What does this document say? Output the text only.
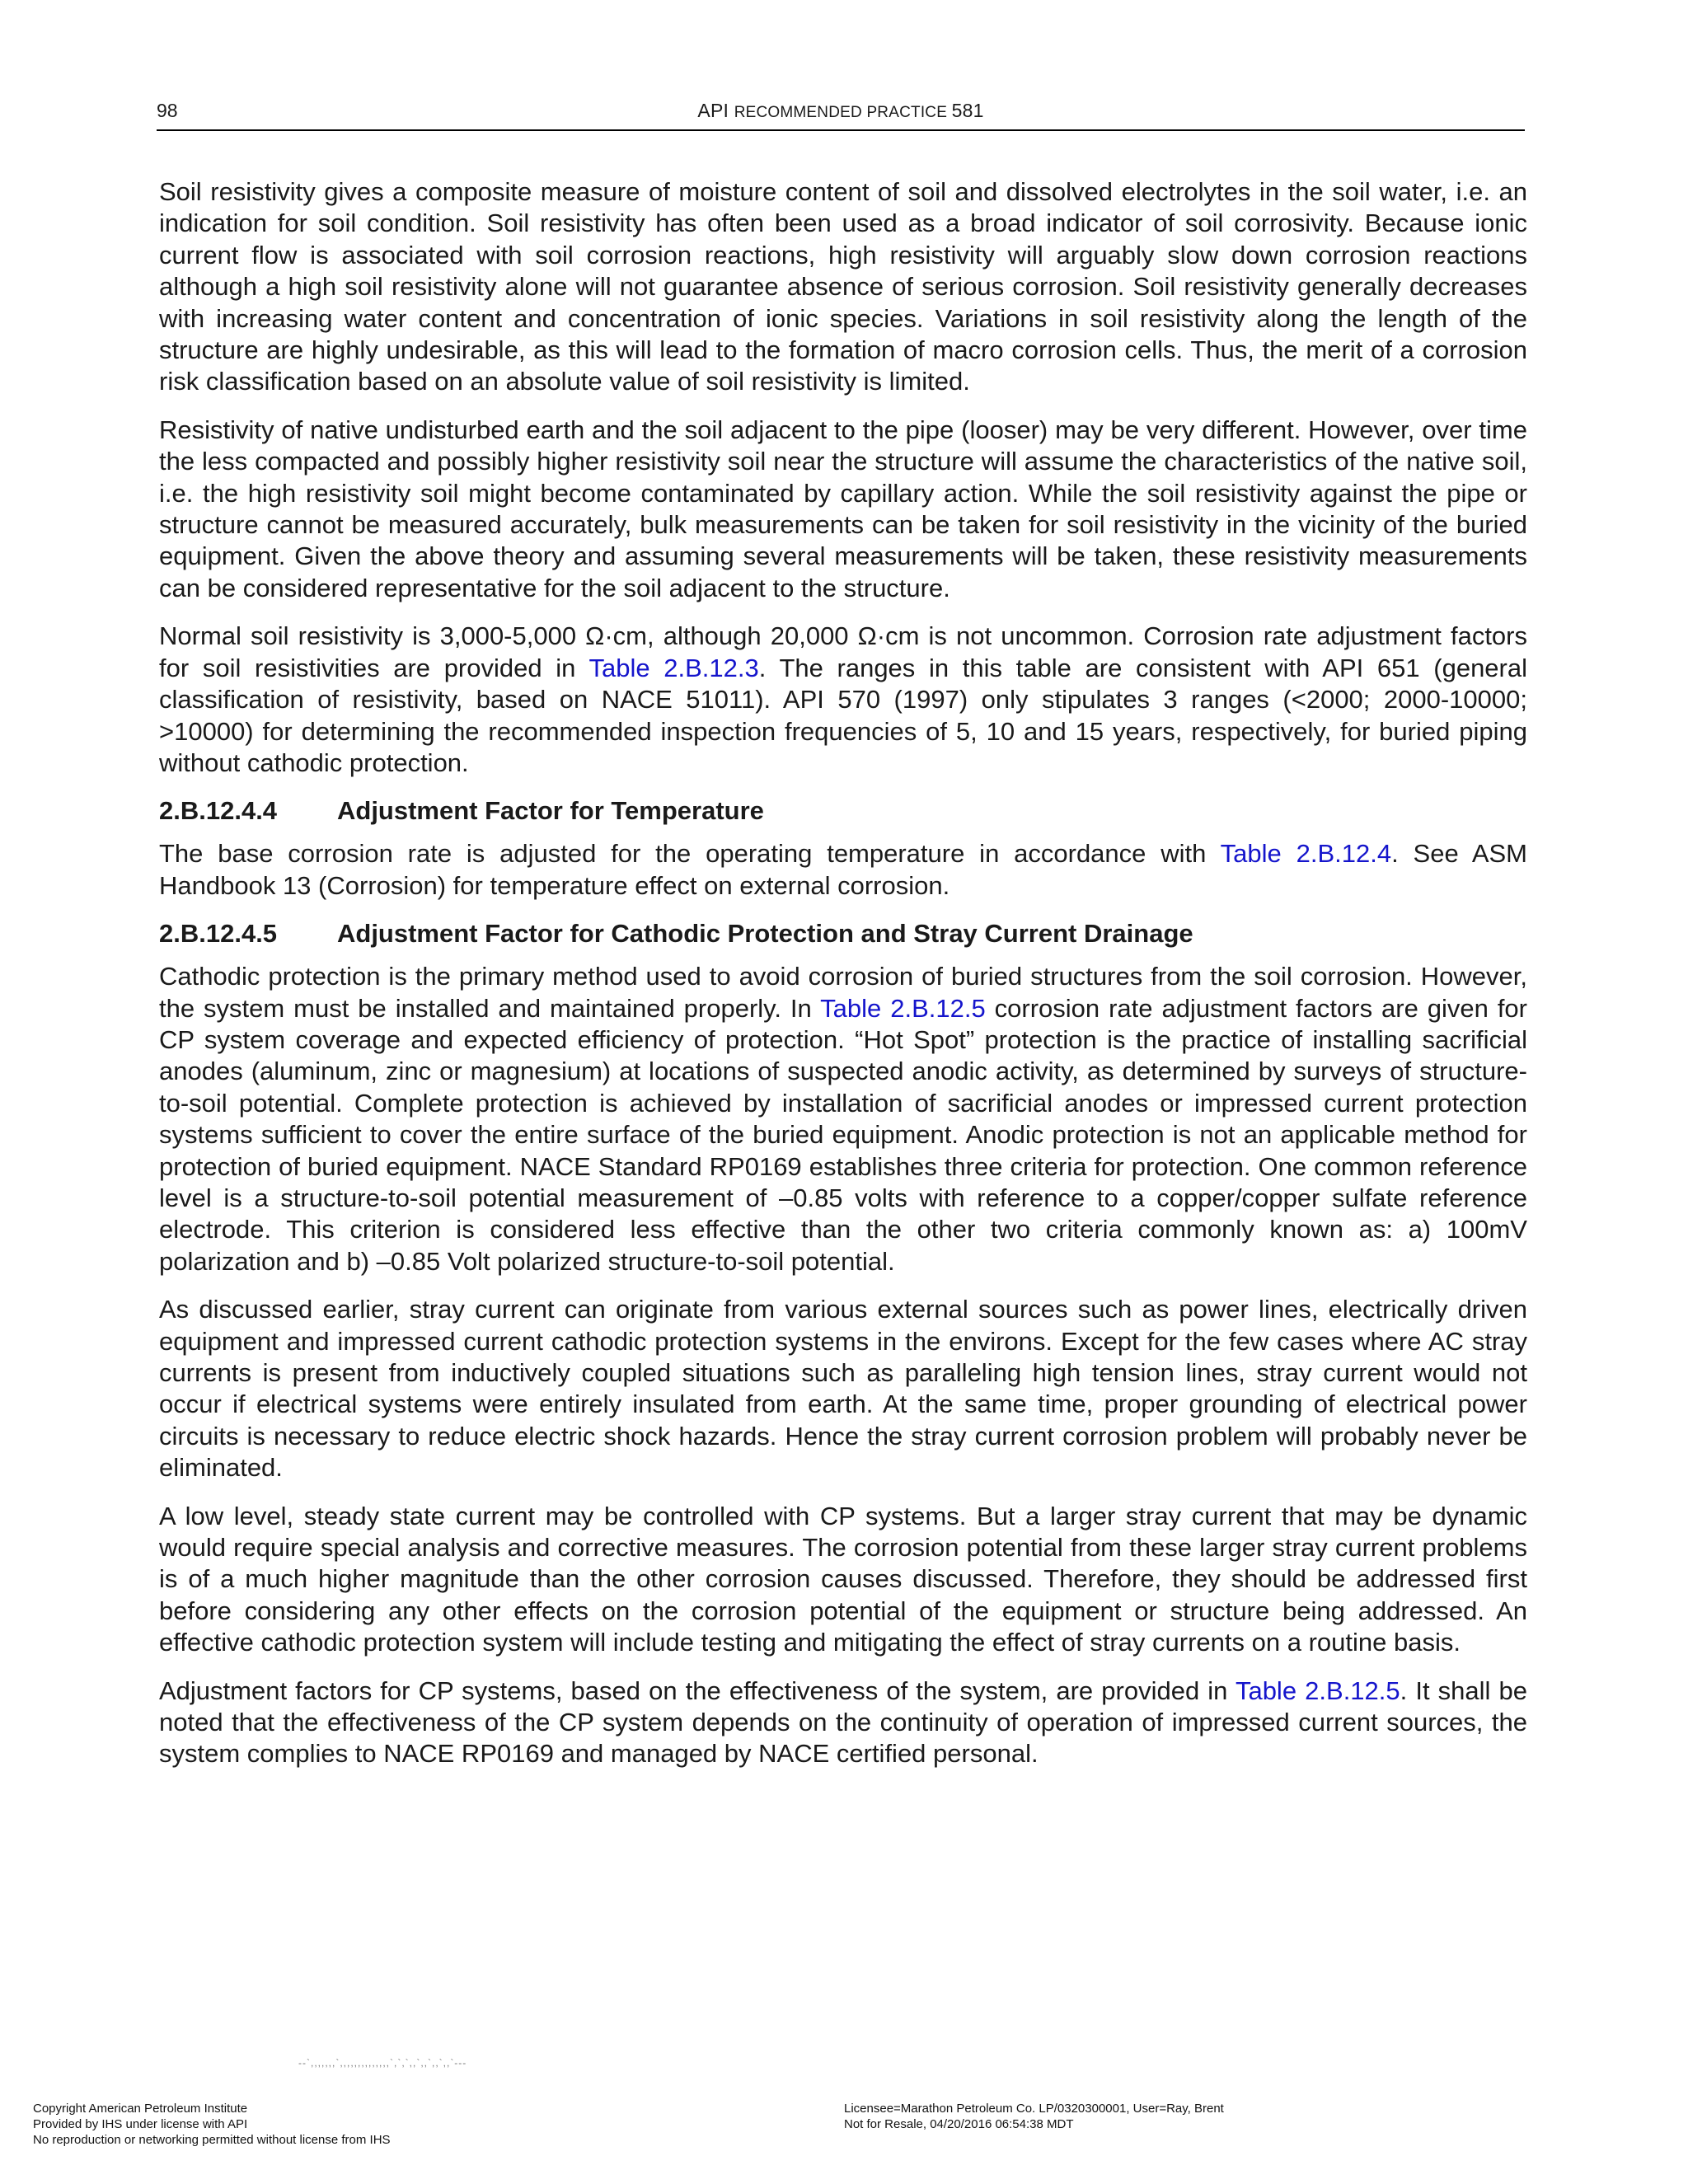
98	API RECOMMENDED PRACTICE 581

Soil resistivity gives a composite measure of moisture content of soil and dissolved electrolytes in the soil water, i.e. an indication for soil condition. Soil resistivity has often been used as a broad indicator of soil corrosivity. Because ionic current flow is associated with soil corrosion reactions, high resistivity will arguably slow down corrosion reactions although a high soil resistivity alone will not guarantee absence of serious corrosion. Soil resistivity generally decreases with increasing water content and concentration of ionic species. Variations in soil resistivity along the length of the structure are highly undesirable, as this will lead to the formation of macro corrosion cells. Thus, the merit of a corrosion risk classification based on an absolute value of soil resistivity is limited.

Resistivity of native undisturbed earth and the soil adjacent to the pipe (looser) may be very different. However, over time the less compacted and possibly higher resistivity soil near the structure will assume the characteristics of the native soil, i.e. the high resistivity soil might become contaminated by capillary action. While the soil resistivity against the pipe or structure cannot be measured accurately, bulk measurements can be taken for soil resistivity in the vicinity of the buried equipment. Given the above theory and assuming several measurements will be taken, these resistivity measurements can be considered representative for the soil adjacent to the structure.

Normal soil resistivity is 3,000-5,000 Ω·cm, although 20,000 Ω·cm is not uncommon. Corrosion rate adjustment factors for soil resistivities are provided in Table 2.B.12.3. The ranges in this table are consistent with API 651 (general classification of resistivity, based on NACE 51011). API 570 (1997) only stipulates 3 ranges (<2000; 2000-10000; >10000) for determining the recommended inspection frequencies of 5, 10 and 15 years, respectively, for buried piping without cathodic protection.

2.B.12.4.4 Adjustment Factor for Temperature

The base corrosion rate is adjusted for the operating temperature in accordance with Table 2.B.12.4. See ASM Handbook 13 (Corrosion) for temperature effect on external corrosion.

2.B.12.4.5 Adjustment Factor for Cathodic Protection and Stray Current Drainage

Cathodic protection is the primary method used to avoid corrosion of buried structures from the soil corrosion. However, the system must be installed and maintained properly. In Table 2.B.12.5 corrosion rate adjustment factors are given for CP system coverage and expected efficiency of protection. “Hot Spot” protection is the practice of installing sacrificial anodes (aluminum, zinc or magnesium) at locations of suspected anodic activity, as determined by surveys of structure-to-soil potential. Complete protection is achieved by installation of sacrificial anodes or impressed current protection systems sufficient to cover the entire surface of the buried equipment. Anodic protection is not an applicable method for protection of buried equipment. NACE Standard RP0169 establishes three criteria for protection. One common reference level is a structure-to-soil potential measurement of –0.85 volts with reference to a copper/copper sulfate reference electrode. This criterion is considered less effective than the other two criteria commonly known as: a) 100mV polarization and b) –0.85 Volt polarized structure-to-soil potential.

As discussed earlier, stray current can originate from various external sources such as power lines, electrically driven equipment and impressed current cathodic protection systems in the environs. Except for the few cases where AC stray currents is present from inductively coupled situations such as paralleling high tension lines, stray current would not occur if electrical systems were entirely insulated from earth. At the same time, proper grounding of electrical power circuits is necessary to reduce electric shock hazards. Hence the stray current corrosion problem will probably never be eliminated.

A low level, steady state current may be controlled with CP systems. But a larger stray current that may be dynamic would require special analysis and corrective measures. The corrosion potential from these larger stray current problems is of a much higher magnitude than the other corrosion causes discussed. Therefore, they should be addressed first before considering any other effects on the corrosion potential of the equipment or structure being addressed. An effective cathodic protection system will include testing and mitigating the effect of stray currents on a routine basis.

Adjustment factors for CP systems, based on the effectiveness of the system, are provided in Table 2.B.12.5. It shall be noted that the effectiveness of the CP system depends on the continuity of operation of impressed current sources, the system complies to NACE RP0169 and managed by NACE certified personal.

--`,,,,,,,`,,,,,,,,,,,,,,`,`,`,,`,,`,,`,,`---
Copyright American Petroleum Institute
Provided by IHS under license with API
No reproduction or networking permitted without license from IHS
Licensee=Marathon Petroleum Co. LP/0320300001, User=Ray, Brent
Not for Resale, 04/20/2016 06:54:38 MDT
